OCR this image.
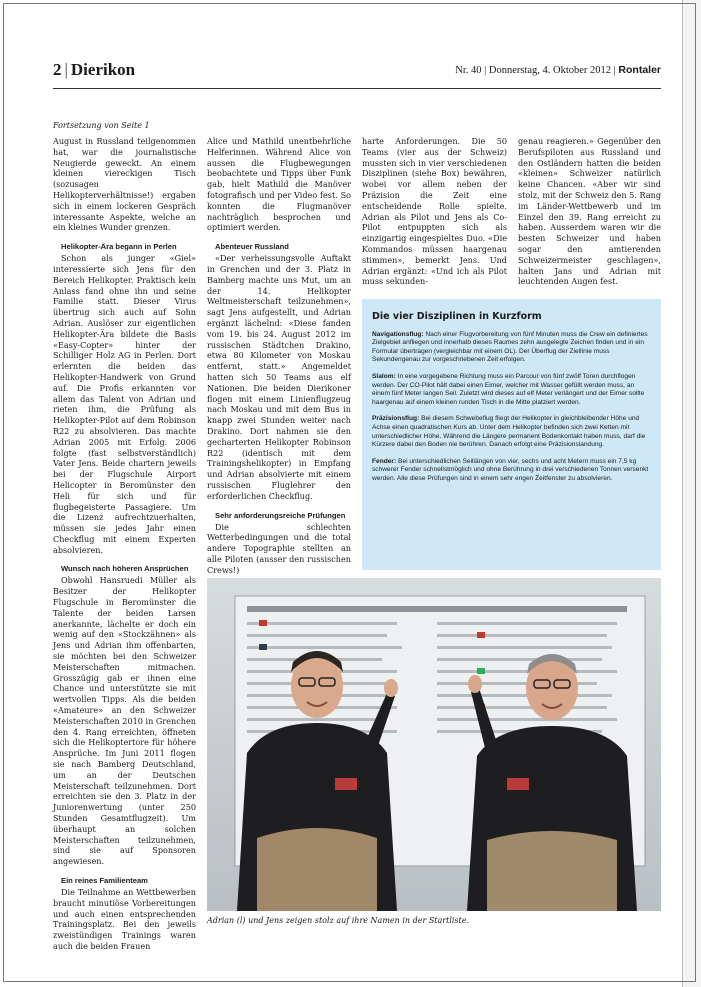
2 | Dierikon	Nr. 40 | Donnerstag, 4. Oktober 2012 | Rontaler
Fortsetzung von Seite 1

August in Russland teilgenommen hat, war die journalistische Neugierde geweckt. An einem kleinen viereckigen Tisch (sozusagen Helikopterverhältnisse!) ergaben sich in einem lockeren Gespräch interessante Aspekte, welche an ein kleines Wunder grenzen.

Helikopter-Ära begann in Perlen

Schon als junger «Giel» interessierte sich Jens für den Bereich Helikopter. Praktisch kein Anlass fand ohne ihn und seine Familie statt. Dieser Virus übertrug sich auch auf Sohn Adrian. Auslöser zur eigentlichen Helikopter-Ära bildete die Basis «Easy-Copter» hinter der Schilliger Holz AG in Perlen. Dort erlernten die beiden das Helikopter-Handwerk von Grund auf. Die Profis erkannten vor allem das Talent von Adrian und rieten ihm, die Prüfung als Helikopter-Pilot auf dem Robinson R22 zu absolvieren. Das machte Adrian 2005 mit Erfolg. 2006 folgte (fast selbstverständlich) Vater Jens. Beide chartern jeweils bei der Flugschule Airport Helicopter in Beromünster den Heli für sich und für flugbegeisterte Passagiere. Um die Lizenz aufrechtzuerhalten, müssen sie jedes Jahr einen Checkflug mit einem Experten absolvieren.

Wunsch nach höheren Ansprüchen

Obwohl Hansruedi Müller als Besitzer der Helikopter Flugschule in Beromünster die Talente der beiden Larsen anerkannte, lächelte er doch ein wenig auf den «Stockzähnen» als Jens und Adrian ihm offenbarten, sie möchten bei den Schweizer Meisterschaften mitmachen. Grosszügig gab er ihnen eine Chance und unterstützte sie mit wertvollen Tipps. Als die beiden «Amateure» an den Schweizer Meisterschaften 2010 in Grenchen den 4. Rang erreichten, öffneten sich die Helikoptertore für höhere Ansprüche. Im Juni 2011 flogen sie nach Bamberg Deutschland, um an der Deutschen Meisterschaft teilzunehmen. Dort erreichten sie den 3. Platz in der Juniorenwertung (unter 250 Stunden Gesamtflugzeit). Um überhaupt an solchen Meisterschaften teilzunehmen, sind sie auf Sponsoren angewiesen.

Ein reines Familienteam

Die Teilnahme an Wettbewerben braucht minutiöse Vorbereitungen und auch einen entsprechenden Trainingsplatz. Bei den jeweils zweistündigen Trainings waren auch die beiden Frauen

Alice und Mathild unentbehrliche Helferinnen. Während Alice von aussen die Flugbewegungen beobachtete und Tipps über Funk gab, hielt Mathild die Manöver fotografisch und per Video fest. So konnten die Flugmanöver nachträglich besprochen und optimiert werden.

Abenteuer Russland

«Der verheissungsvolle Auftakt in Grenchen und der 3. Platz in Bamberg machte uns Mut, um an der 14. Helikopter Weltmeisterschaft teilzunehmen», sagt Jens aufgestellt, und Adrian ergänzt lächelnd: «Diese fanden vom 19. bis 24. August 2012 im russischen Städtchen Drakino, etwa 80 Kilometer von Moskau entfernt, statt.» Angemeldet hatten sich 50 Teams aus elf Nationen. Die beiden Dierikoner flogen mit einem Linienflugzeug nach Moskau und mit dem Bus in knapp zwei Stunden weiter nach Drakino. Dort nahmen sie den gecharterten Helikopter Robinson R22 (identisch mit dem Trainingshelikopter) in Empfang und Adrian absolvierte mit einem russischen Fluglehrer den erforderlichen Checkflug.

Sehr anforderungsreiche Prüfungen

Die schlechten Wetterbedingungen und die total andere Topographie stellten an alle Piloten (ausser den russischen Crews!)

harte Anforderungen. Die 50 Teams (vier aus der Schweiz) mussten sich in vier verschiedenen Disziplinen (siehe Box) bewähren, wobei vor allem neben der Präzision die Zeit eine entscheidende Rolle spielte. Adrian als Pilot und Jens als Co-Pilot entpuppten sich als einzigartig eingespieltes Duo. «Die Kommandos müssen haargenau stimmen», bemerkt Jens. Und Adrian ergänzt: «Und ich als Pilot muss sekunden-

genau reagieren.» Gegenüber den Berufspiloten aus Russland und den Ostländern hatten die beiden «kleinen» Schweizer natürlich keine Chancen. «Aber wir sind stolz, mit der Schweiz den 5. Rang im Länder-Wettbewerb und im Einzel den 39. Rang erreicht zu haben. Ausserdem waren wir die besten Schweizer und haben sogar den amtierenden Schweizermeister geschlagen», halten Jans und Adrian mit leuchtenden Augen fest.

Die vier Disziplinen in Kurzform

Navigationsflug: Nach einer Flugvorbereitung von fünf Minuten muss die Crew ein definiertes Zielgebiet anfliegen und innerhalb dieses Raumes zehn ausgelegte Zeichen finden und in ein Formular übertragen (vergleichbar mit einem OL). Der Überflug der Ziellinie muss Sekundengenau zur vorgeschriebenen Zeit erfolgen.

Slalom: In eine vorgegebene Richtung muss ein Parcour von fünf zwölf Toren durchflogen werden. Der CO-Pilot hält dabei einen Eimer, welcher mit Wasser gefüllt werden muss, an einem fünf Meter langen Seil. Zuletzt wird dieses auf elf Meter verlängert und der Eimer sollte haargenau auf einem kleinen runden Tisch in die Mitte platziert werden.

Präzisionsflug: Bei diesem Schwebeflug fliegt der Helikopter in gleichbleibender Höhe und Achse einen quadratischen Kurs ab. Unter dem Helikopter befinden sich zwei Ketten mit unterschiedlicher Höhe. Während die Längere permanent Bodenkontakt haben muss, darf die Kürzere dabei den Boden nie berühren. Danach erfolgt eine Präzisionslandung.

Fender: Bei unterschiedlichen Seillängen von vier, sechs und acht Metern muss ein 7,5 kg schwerer Fender schnellstmöglich und ohne Berührung in drei verschiedenen Tonnen versenkt werden. Alle diese Prüfungen sind in einem sehr engen Zeitfenster zu absolvieren.

Adrian (l) und Jens zeigen stolz auf ihre Namen in der Startliste.
